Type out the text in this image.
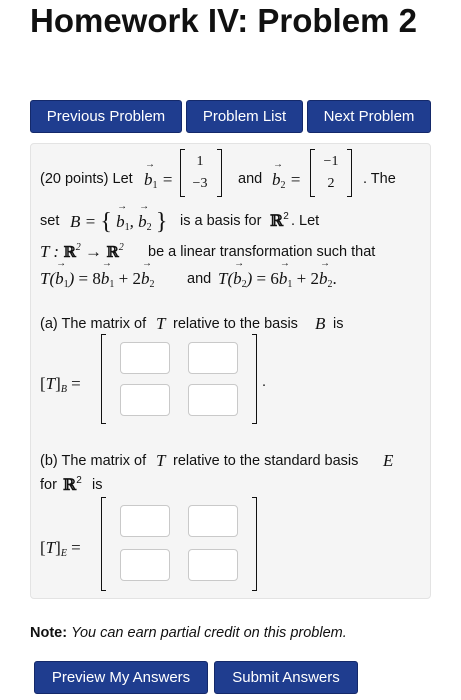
Homework IV: Problem 2
Previous Problem	Problem List	Next Problem
(20 points) Let → $b_1$ =
1
−3 and → $b_2$ =
−1
2	. The
set B = { → $b_1$, → $b_2$ } is a basis for ℝ$^2$ . Let
T : ℝ$^2$ → ℝ$^2$ be a linear transformation such that
$T(\to b_1) = 8\to b_1 + 2\to b_2$ and $T(\to b_2) = 6\to b_1 + 2\to b_2$.
(a) The matrix of T relative to the basis B is
$[T]_B$ =	.
(b) The matrix of T relative to the standard basis E
for ℝ$^2$ is
$[T]_E$ =
Note: You can earn partial credit on this problem.
Preview My Answers	Submit Answers
